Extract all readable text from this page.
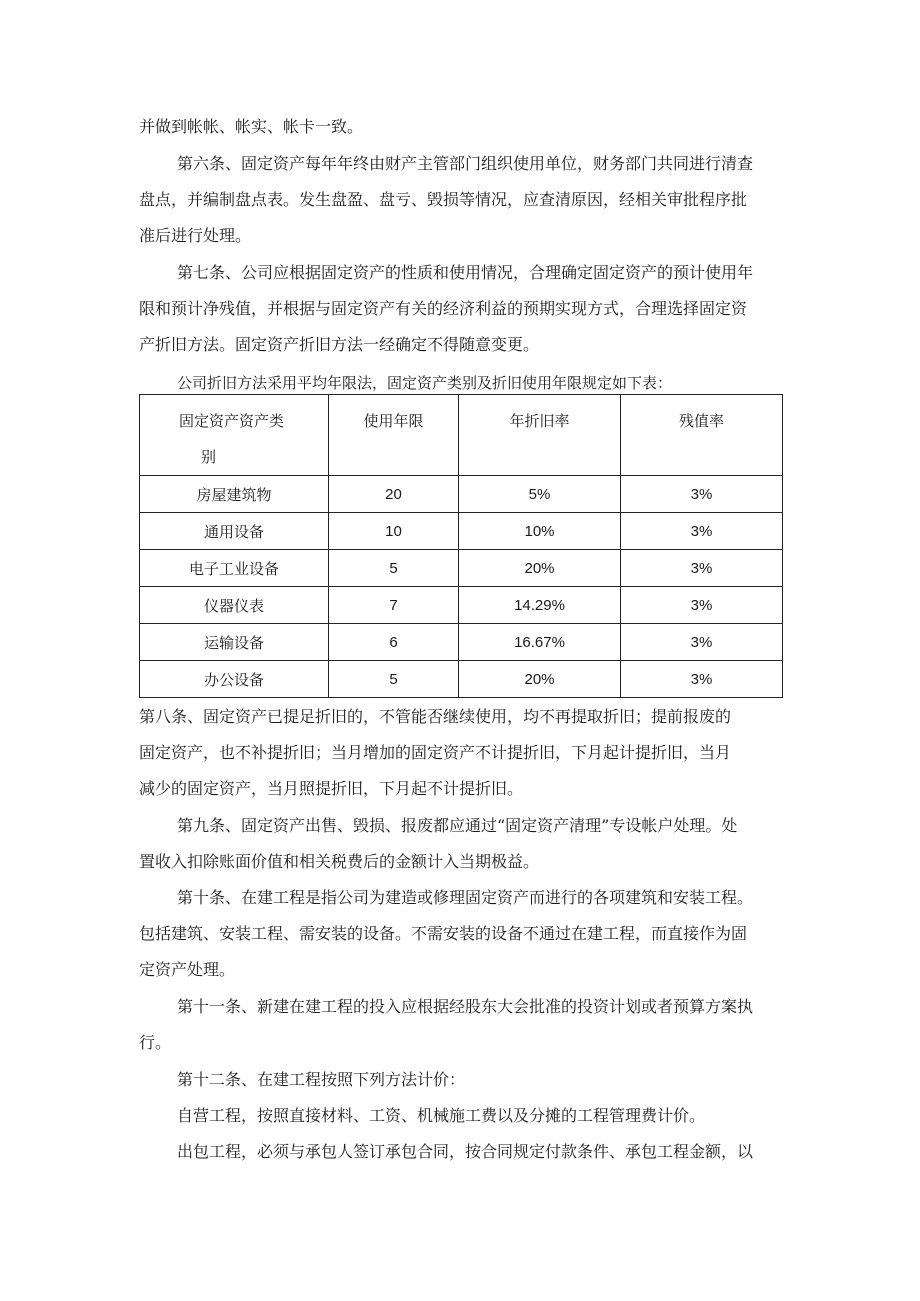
并做到帐帐、帐实、帐卡一致。
第六条、固定资产每年年终由财产主管部门组织使用单位，财务部门共同进行清查
盘点，并编制盘点表。发生盘盈、盘亏、毁损等情况，应查清原因，经相关审批程序批
准后进行处理。
第七条、公司应根据固定资产的性质和使用情况，合理确定固定资产的预计使用年
限和预计净残值，并根据与固定资产有关的经济利益的预期实现方式，合理选择固定资
产折旧方法。固定资产折旧方法一经确定不得随意变更。
公司折旧方法采用平均年限法，固定资产类别及折旧使用年限规定如下表：
固定资产资产类
别	使用年限	年折旧率	残值率

房屋建筑物	20	5%	3%
通用设备	10	10%	3%
电子工业设备	5	20%	3%
仪器仪表	7	14.29%	3%
运输设备	6	16.67%	3%
办公设备	5	20%	3%
第八条、固定资产已提足折旧的，不管能否继续使用，均不再提取折旧；提前报废的
固定资产，也不补提折旧；当月增加的固定资产不计提折旧，下月起计提折旧，当月
减少的固定资产，当月照提折旧，下月起不计提折旧。
第九条、固定资产出售、毁损、报废都应通过“固定资产清理”专设帐户处理。处
置收入扣除账面价值和相关税费后的金额计入当期极益。
第十条、在建工程是指公司为建造或修理固定资产而进行的各项建筑和安装工程。
包括建筑、安装工程、需安装的设备。不需安装的设备不通过在建工程，而直接作为固
定资产处理。
第十一条、新建在建工程的投入应根据经股东大会批准的投资计划或者预算方案执
行。
第十二条、在建工程按照下列方法计价：
自营工程，按照直接材料、工资、机械施工费以及分摊的工程管理费计价。
出包工程，必须与承包人签订承包合同，按合同规定付款条件、承包工程金额，以
